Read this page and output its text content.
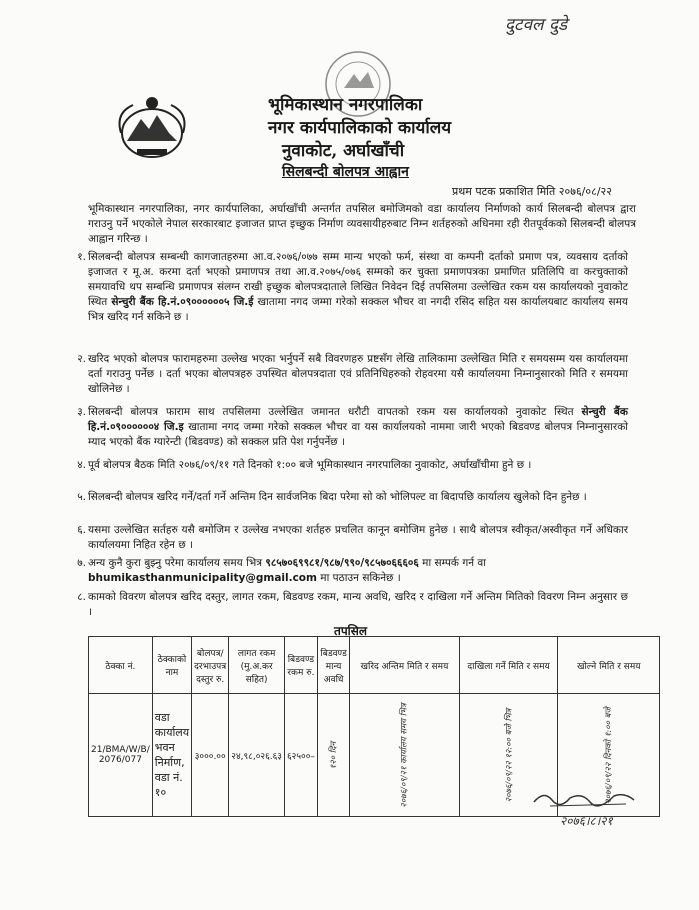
दुटवल दुडे
भूमिकास्थान नगरपालिका
नगर कार्यपालिकाको कार्यालय
नुवाकोट, अर्घाखाँची
सिलबन्दी बोलपत्र आह्वान
प्रथम पटक प्रकाशित मिति २०७६/०८/२२
भूमिकास्थान नगरपालिका, नगर कार्यपालिका, अर्घाखाँची अन्तर्गत तपसिल बमोजिमको वडा कार्यालय निर्माणको कार्य सिलबन्दी बोलपत्र द्वारा गराउनु पर्ने भएकोले नेपाल सरकारबाट इजाजत प्राप्त इच्छुक निर्माण व्यवसायीहरुबाट निम्न शर्तहरुको अधिनमा रही रीतपूर्वकको सिलबन्दी बोलपत्र आह्वान गरिन्छ ।
१. सिलबन्दी बोलपत्र सम्बन्धी कागजातहरुमा आ.व.२०७६/०७७ सम्म मान्य भएको फर्म, संस्था वा कम्पनी दर्ताको प्रमाण पत्र, व्यवसाय दर्ताको इजाजत र मू.अ. करमा दर्ता भएको प्रमाणपत्र तथा आ.व.२०७५/०७६ सम्मको कर चुक्ता प्रमाणपत्रका प्रमाणित प्रतिलिपि वा करचुक्ताको समयावधि थप सम्बन्धि प्रमाणपत्र संलग्न राखी इच्छुक बोलपत्रदाताले लिखित निवेदन दिई तपसिलमा उल्लेखित रकम यस कार्यालयको नुवाकोट स्थित सेन्चुरी बैंक हि.नं.०९००००००५ जि.ई खातामा नगद जम्मा गरेको सक्कल भौचर वा नगदी रसिद सहित यस कार्यालयबाट कार्यालय समय भित्र खरिद गर्न सकिने छ ।
२. खरिद भएको बोलपत्र फारामहरुमा उल्लेख भएका भर्नुपर्ने सबै विवरणहरु प्रष्टसँग लेखि तालिकामा उल्लेखित मिति र समयसम्म यस कार्यालयमा दर्ता गराउनु पर्नेछ । दर्ता भएका बोलपत्रहरु उपस्थित बोलपत्रदाता एवं प्रतिनिधिहरुको रोहवरमा यसै कार्यालयमा निम्नानुसारको मिति र समयमा खोलिनेछ ।
३. सिलबन्दी बोलपत्र फाराम साथ तपसिलमा उल्लेखित जमानत धरौटी वापतको रकम यस कार्यालयको नुवाकोट स्थित सेन्चुरी बैंक हि.नं.०९००००००४ जि.इ खातामा नगद जम्मा गरेको सक्कल भौचर वा यस कार्यालयको नाममा जारी भएको बिडवण्ड बोलपत्र निम्नानुसारको म्याद भएको बैंक ग्यारेन्टी (बिडवण्ड) को सक्कल प्रति पेश गर्नुपर्नेछ ।
४. पूर्व बोलपत्र बैठक मिति २०७६/०९/११ गते दिनको १:०० बजे भूमिकास्थान नगरपालिका नुवाकोट, अर्घाखाँचीमा हुने छ ।
५. सिलबन्दी बोलपत्र खरिद गर्ने/दर्ता गर्ने अन्तिम दिन सार्वजनिक बिदा परेमा सो को भोलिपल्ट वा बिदापछि कार्यालय खुलेको दिन हुनेछ ।
६. यसमा उल्लेखित सर्तहरु यसै बमोजिम र उल्लेख नभएका शर्तहरु प्रचलित कानून बमोजिम हुनेछ । साथै बोलपत्र स्वीकृत/अस्वीकृत गर्ने अधिकार कार्यालयमा निहित रहेन छ ।
७. अन्य कुनै कुरा बुझ्नु परेमा कार्यालय समय भित्र ९८५७०६९९८१/९८७/९९०/९८५७०६६६०६ मा सम्पर्क गर्न वा
bhumikasthanmunicipality@gmail.com मा पठाउन सकिनेछ ।
८. कामको विवरण बोलपत्र खरिद दस्तुर, लागत रकम, बिडवण्ड रकम, मान्य अवधि, खरिद र दाखिला गर्ने अन्तिम मितिको विवरण निम्न अनुसार छ ।
तपसिल
ठेक्का नं.	ठेक्काको नाम	बोलपत्र/ दरभाउपत्र दस्तुर रु.	लागत रकम (मु.अ.कर सहित)	बिडवण्ड रकम रु.	बिडवण्ड मान्य अवधि	खरिद अन्तिम मिति र समय	दाखिला गर्ने मिति र समय	खोल्ने मिति र समय
21/BMA/W/B/ 2076/077	वडा कार्यालय भवन निर्माण, वडा नं. १०	३०००.००	२४,९८,०२६.६३	६२५००–	१२० दिन	२०७६/०९/२१ कार्यालय समय भित्र	२०७६/०९/२२ १२:०० बजे भित्र	२०७६/०९/२२ दिनको १:०० बजे
२०७६।८।२१
